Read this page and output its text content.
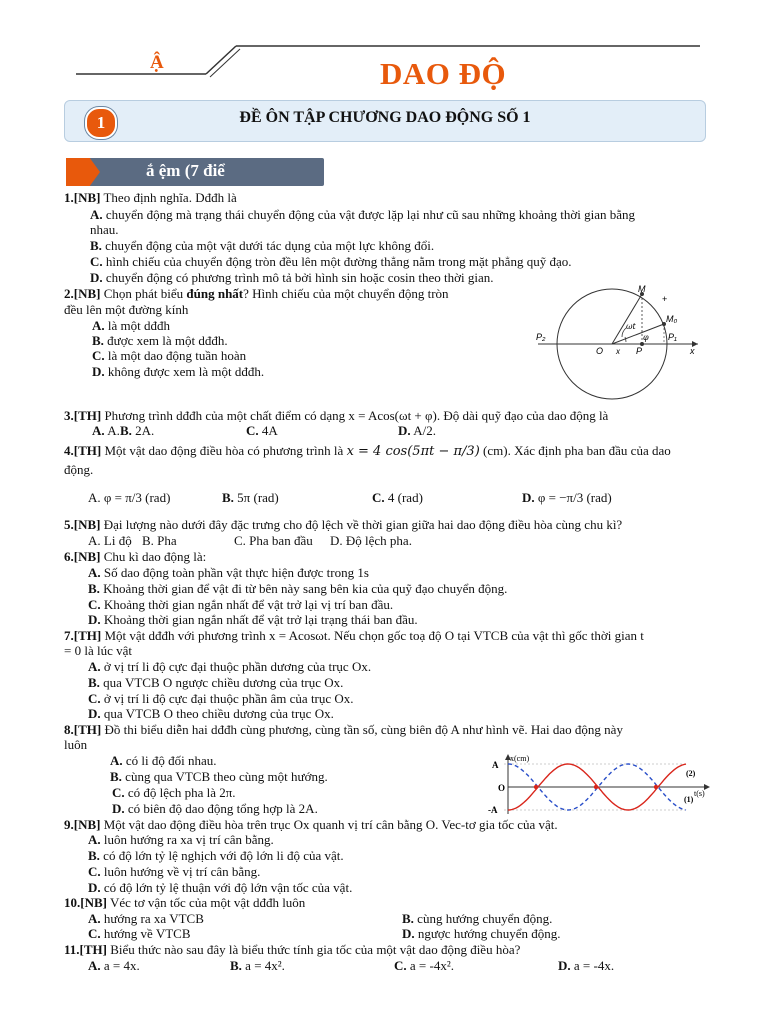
Ậ	DAO ĐỘ
1	ĐỀ ÔN TẬP CHƯƠNG DAO ĐỘNG SỐ 1
ắ ệm (7 điể
1.[NB] Theo định nghĩa. Dđđh là
A. chuyển động mà trạng thái chuyển động của vật được lặp lại như cũ sau những khoảng thời gian bằng
nhau.
B. chuyển động của một vật dưới tác dụng của một lực không đổi.
C. hình chiếu của chuyển động tròn đều lên một đường thẳng nằm trong mặt phẳng quỹ đạo.
D. chuyển động có phương trình mô tả bởi hình sin hoặc cosin theo thời gian.
2.[NB] Chọn phát biểu đúng nhất? Hình chiếu của một chuyển động tròn
đều lên một đường kính
A. là một dđđh
B. được xem là một dđđh.
C. là một dao động tuần hoàn
D. không được xem là một dđđh.
M
M₀
P₁
P₂
O x P	x
ωt
φ
+
3.[TH] Phương trình dđđh của một chất điểm có dạng x = Acos(ωt + φ). Độ dài quỹ đạo của dao động là
A. A. B. 2A.	C. 4A	D. A/2.
4.[TH] Một vật dao động điều hòa có phương trình là x = 4 cos(5πt − π/3) (cm). Xác định pha ban đầu của dao
động.
A. φ = π/3 (rad)	B. 5π (rad)	C. 4 (rad)	D. φ = −π/3 (rad)
5.[NB] Đại lượng nào dưới đây đặc trưng cho độ lệch về thời gian giữa hai dao động điều hòa cùng chu kì?
A. Li độ B. Pha	C. Pha ban đầu D. Độ lệch pha.
6.[NB] Chu kì dao động là:
A. Số dao động toàn phần vật thực hiện được trong 1s
B. Khoảng thời gian để vật đi từ bên này sang bên kia của quỹ đạo chuyển động.
C. Khoảng thời gian ngắn nhất để vật trở lại vị trí ban đầu.
D. Khoảng thời gian ngắn nhất để vật trở lại trạng thái ban đầu.
7.[TH] Một vật dđđh với phương trình x = Acosωt. Nếu chọn gốc toạ độ O tại VTCB của vật thì gốc thời gian t
= 0 là lúc vật
A. ở vị trí li độ cực đại thuộc phần dương của trục Ox.
B. qua VTCB O ngược chiều dương của trục Ox.
C. ở vị trí li độ cực đại thuộc phần âm của trục Ox.
D. qua VTCB O theo chiều dương của trục Ox.
8.[TH] Đồ thi biểu diễn hai dđđh cùng phương, cùng tần số, cùng biên độ A như hình vẽ. Hai dao động này
luôn
A. có li độ đối nhau.
B. cùng qua VTCB theo cùng một hướng.
C. có độ lệch pha là 2π.
D. có biên độ dao động tổng hợp là 2A.
A
-A
x(cm)
O
t(s)
(1)
(2)
9.[NB] Một vật dao động điều hòa trên trục Ox quanh vị trí cân bằng O. Vec-tơ gia tốc của vật.
A. luôn hướng ra xa vị trí cân bằng.
B. có độ lớn tỷ lệ nghịch với độ lớn li độ của vật.
C. luôn hướng về vị trí cân bằng.
D. có độ lớn tỷ lệ thuận với độ lớn vận tốc của vật.
10.[NB] Véc tơ vận tốc của một vật dđđh luôn
A. hướng ra xa VTCB	B. cùng hướng chuyển động.
C. hướng về VTCB	D. ngược hướng chuyển động.
11.[TH] Biểu thức nào sau đây là biểu thức tính gia tốc của một vật dao động điều hòa?
A. a = 4x.	B. a = 4x².	C. a = -4x².	D. a = -4x.
